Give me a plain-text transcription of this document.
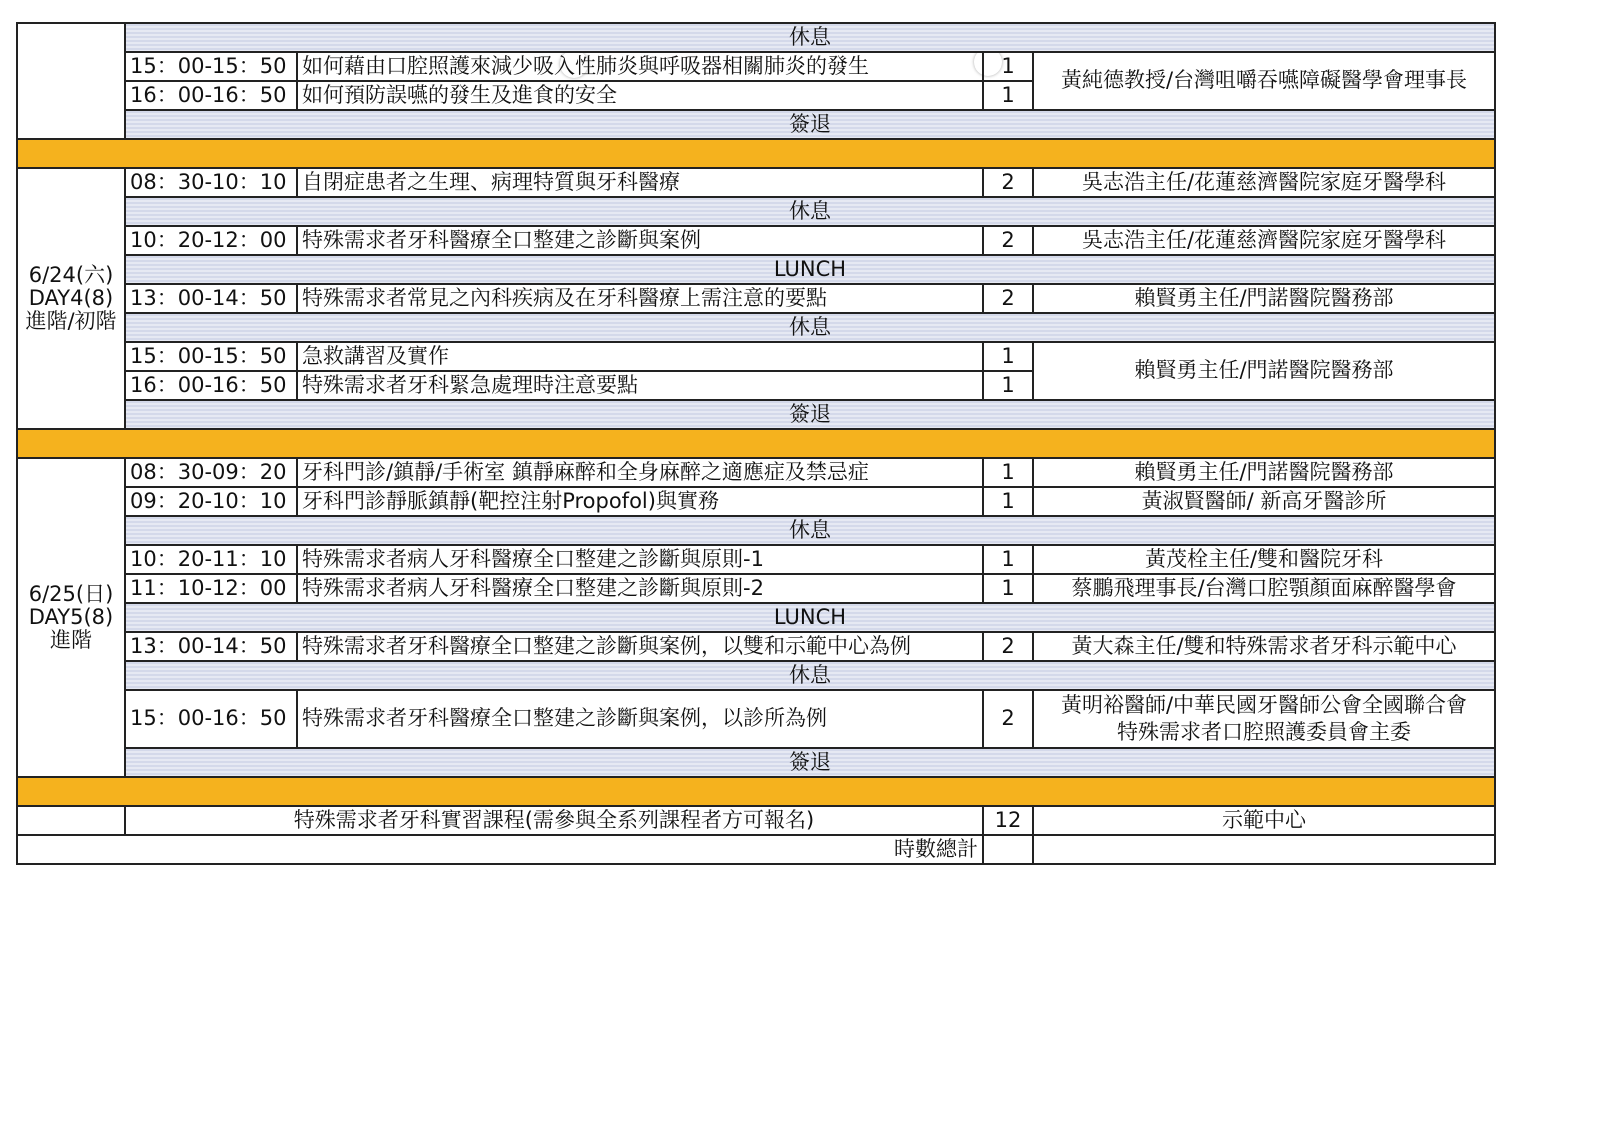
	休息			
	15：00-15：50	如何藉由口腔照護來減少吸入性肺炎與呼吸器相關肺炎的發生	1	黃純德教授/台灣咀嚼吞嚥障礙醫學會理事長
	16：00-16：50	如何預防誤嚥的發生及進食的安全	1	
	簽退			

6/24(六)
DAY4(8)
進階/初階	08：30-10：10	自閉症患者之生理、病理特質與牙科醫療	2	吳志浩主任/花蓮慈濟醫院家庭牙醫學科
	休息			
	10：20-12：00	特殊需求者牙科醫療全口整建之診斷與案例	2	吳志浩主任/花蓮慈濟醫院家庭牙醫學科
	LUNCH			
	13：00-14：50	特殊需求者常見之內科疾病及在牙科醫療上需注意的要點	2	賴賢勇主任/門諾醫院醫務部
	休息			
	15：00-15：50	急救講習及實作	1	賴賢勇主任/門諾醫院醫務部
	16：00-16：50	特殊需求者牙科緊急處理時注意要點	1	
	簽退			

6/25(日)
DAY5(8)
進階	08：30-09：20	牙科門診/鎮靜/手術室 鎮靜麻醉和全身麻醉之適應症及禁忌症	1	賴賢勇主任/門諾醫院醫務部
	09：20-10：10	牙科門診靜脈鎮靜(靶控注射Propofol)與實務	1	黃淑賢醫師/ 新高牙醫診所
	休息			
	10：20-11：10	特殊需求者病人牙科醫療全口整建之診斷與原則-1	1	黃茂栓主任/雙和醫院牙科
	11：10-12：00	特殊需求者病人牙科醫療全口整建之診斷與原則-2	1	蔡鵬飛理事長/台灣口腔顎顏面麻醉醫學會
	LUNCH			
	13：00-14：50	特殊需求者牙科醫療全口整建之診斷與案例，以雙和示範中心為例	2	黃大森主任/雙和特殊需求者牙科示範中心
	休息			
	15：00-16：50	特殊需求者牙科醫療全口整建之診斷與案例，以診所為例	2	黃明裕醫師/中華民國牙醫師公會全國聯合會
特殊需求者口腔照護委員會主委

	簽退			

	特殊需求者牙科實習課程(需參與全系列課程者方可報名)		12	示範中心
時數總計				
